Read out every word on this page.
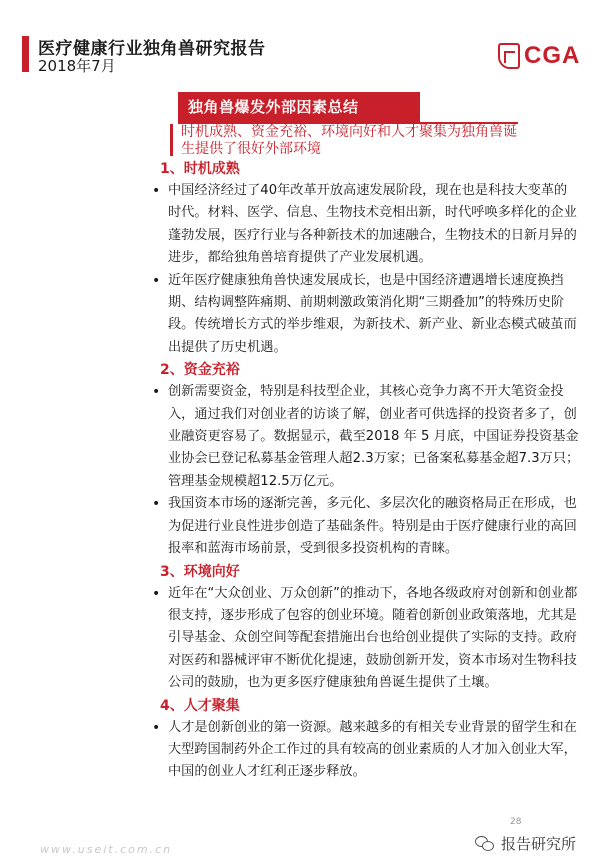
医疗健康行业独角兽研究报告
2018年7月	CGA
独角兽爆发外部因素总结
时机成熟、资金充裕、环境向好和人才聚集为独角兽诞生提供了很好外部环境
1、时机成熟
• 中国经济经过了40年改革开放高速发展阶段，现在也是科技大变革的时代。材料、医学、信息、生物技术竞相出新，时代呼唤多样化的企业蓬勃发展，医疗行业与各种新技术的加速融合，生物技术的日新月异的进步，都给独角兽培育提供了产业发展机遇。
• 近年医疗健康独角兽快速发展成长，也是中国经济遭遇增长速度换挡期、结构调整阵痛期、前期刺激政策消化期“三期叠加”的特殊历史阶段。传统增长方式的举步维艰，为新技术、新产业、新业态模式破茧而出提供了历史机遇。
2、资金充裕
• 创新需要资金，特别是科技型企业，其核心竞争力离不开大笔资金投入，通过我们对创业者的访谈了解，创业者可供选择的投资者多了，创业融资更容易了。数据显示，截至2018 年 5 月底，中国证券投资基金业协会已登记私募基金管理人超2.3万家；已备案私募基金超7.3万只；管理基金规模超12.5万亿元。
• 我国资本市场的逐渐完善，多元化、多层次化的融资格局正在形成，也为促进行业良性进步创造了基础条件。特别是由于医疗健康行业的高回报率和蓝海市场前景，受到很多投资机构的青睐。
3、环境向好
• 近年在“大众创业、万众创新”的推动下，各地各级政府对创新和创业都很支持，逐步形成了包容的创业环境。随着创新创业政策落地，尤其是引导基金、众创空间等配套措施出台也给创业提供了实际的支持。政府对医药和器械评审不断优化提速，鼓励创新开发，资本市场对生物科技公司的鼓励，也为更多医疗健康独角兽诞生提供了土壤。
4、人才聚集
• 人才是创新创业的第一资源。越来越多的有相关专业背景的留学生和在大型跨国制药外企工作过的具有较高的创业素质的人才加入创业大军，中国的创业人才红利正逐步释放。
28
www.useit.com.cn	报告研究所
